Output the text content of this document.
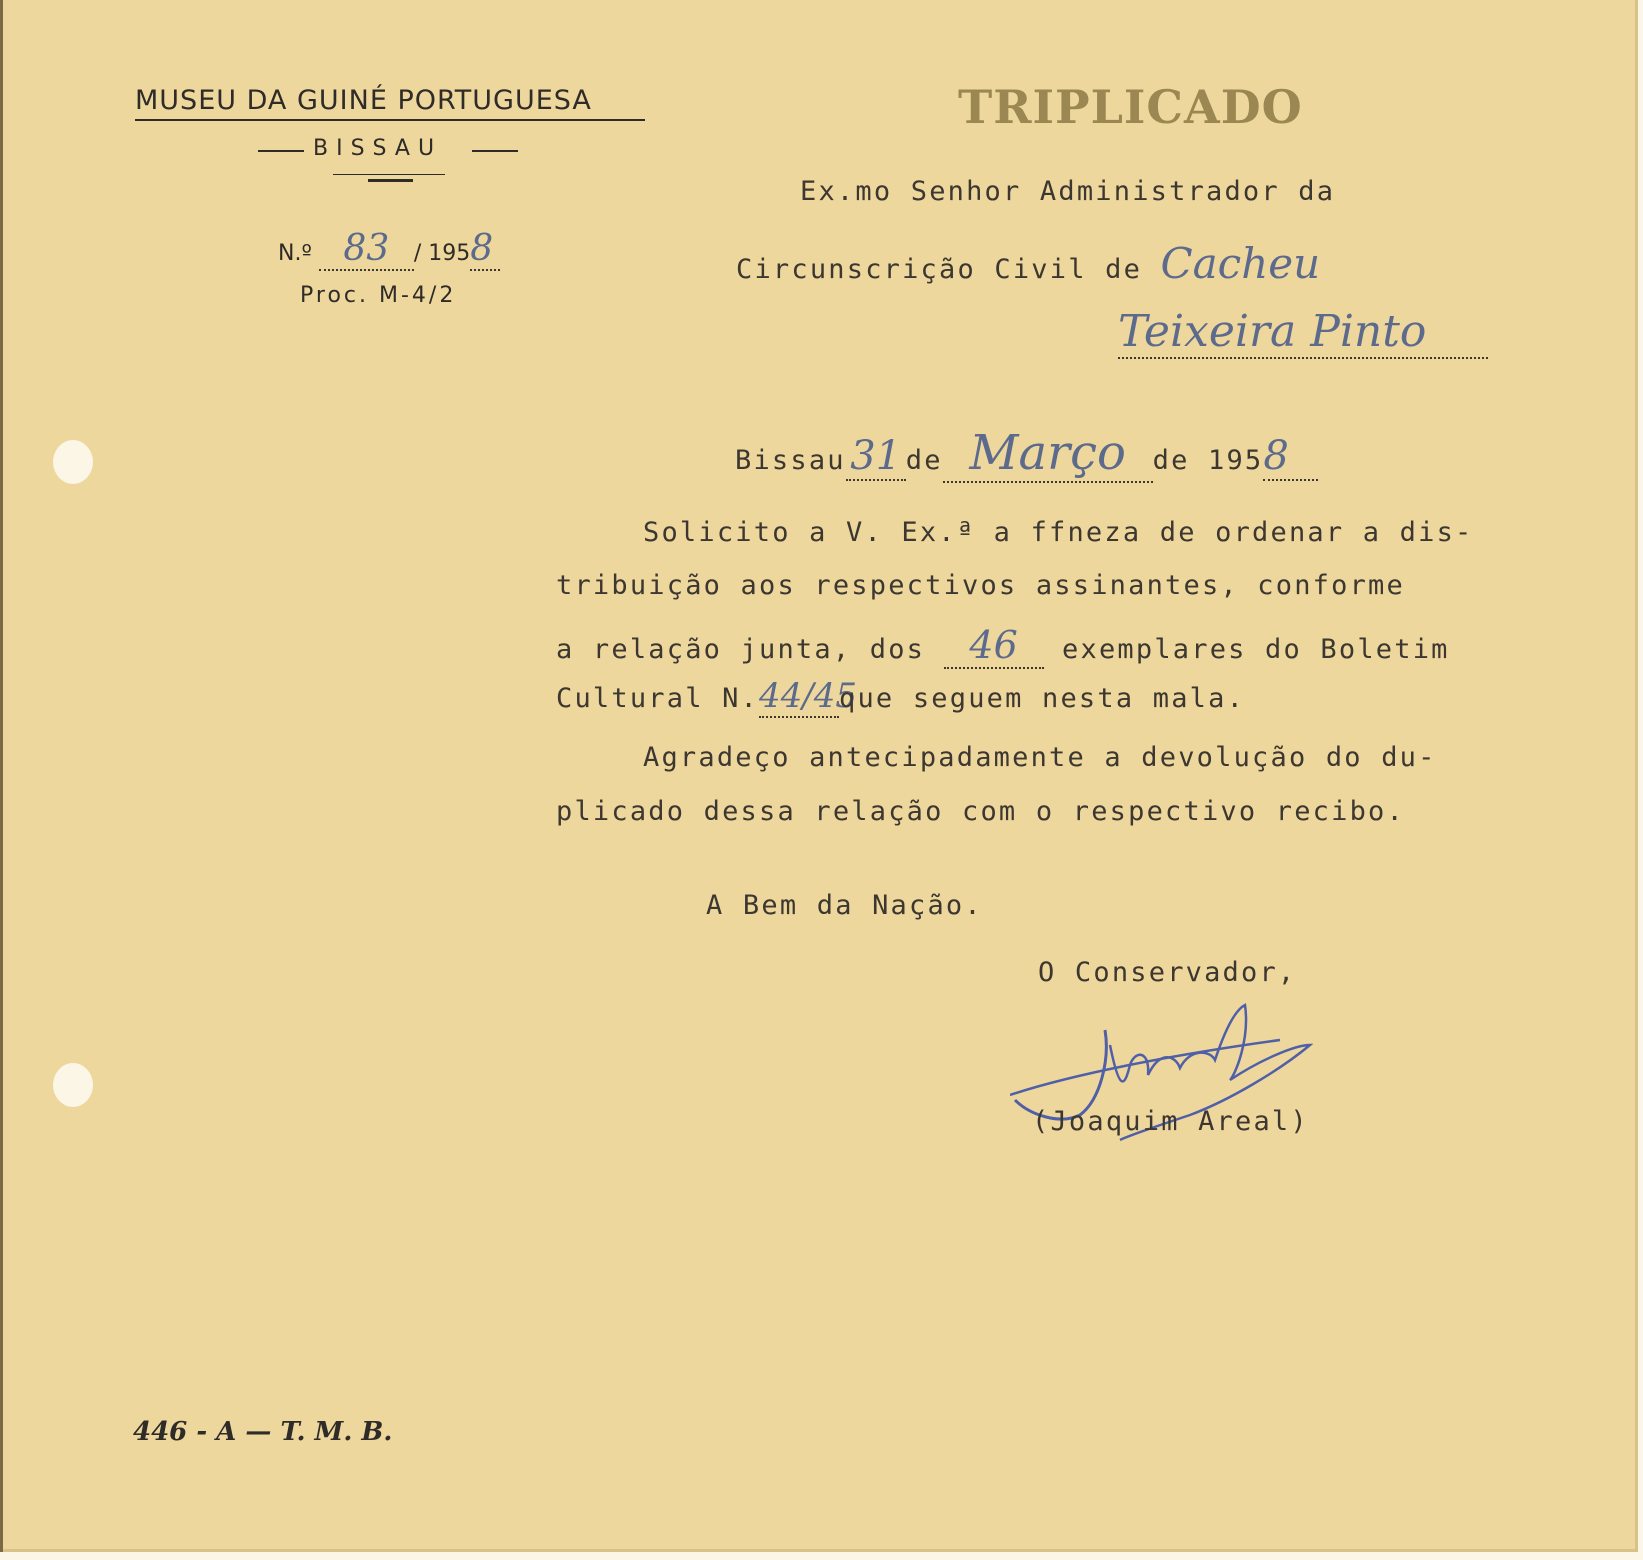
MUSEU DA GUINÉ PORTUGUESA
BISSAU
N.º 83 / 1958
Proc. M-4/2
TRIPLICADO
Ex.mo Senhor Administrador da
Circunscrição Civil de Cacheu
Teixeira Pinto
Bissau 31 de Março de 1958
Solicito a V. Ex.ª a ffneza de ordenar a dis-
tribuição aos respectivos assinantes, conforme
a relação junta, dos 46 exemplares do Boletim
Cultural N.44/45que seguem nesta mala.
Agradeço antecipadamente a devolução do du-
plicado dessa relação com o respectivo recibo.
A Bem da Nação.
O Conservador,
(Joaquim Areal)
446 - A — T. M. B.
